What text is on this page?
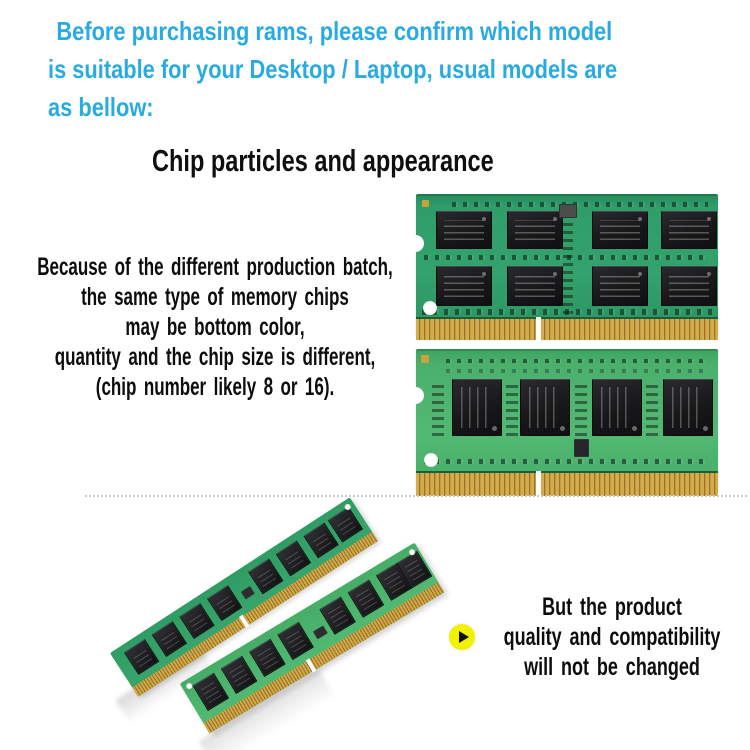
Before purchasing rams, please confirm which model
is suitable for your Desktop / Laptop, usual models are
as bellow:
Chip particles and appearance
Because of the different production batch,
the same type of memory chips
may be bottom color,
quantity and the chip size is different,
(chip number likely 8 or 16).
But the product
quality and compatibility
will not be changed
